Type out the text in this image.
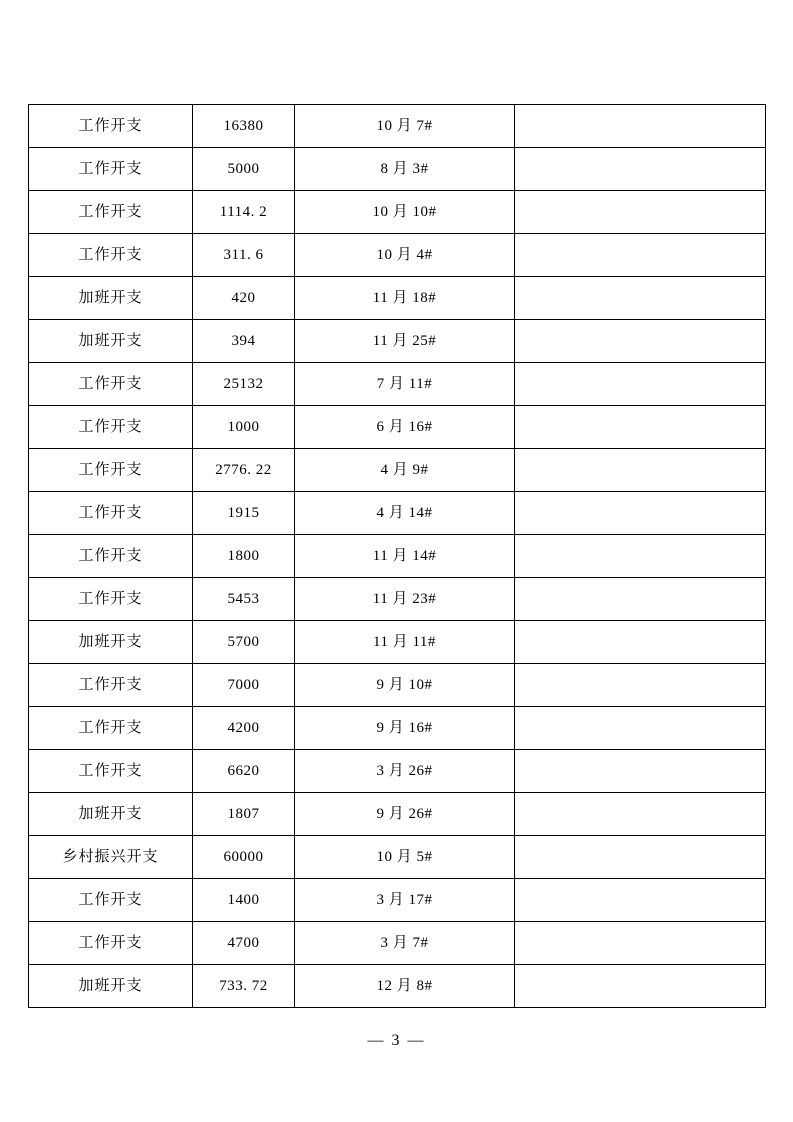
工作开支	16380	10 月 7#	
工作开支	5000	8 月 3#	
工作开支	1114. 2	10 月 10#	
工作开支	311. 6	10 月 4#	
加班开支	420	11 月 18#	
加班开支	394	11 月 25#	
工作开支	25132	7 月 11#	
工作开支	1000	6 月 16#	
工作开支	2776. 22	4 月 9#	
工作开支	1915	4 月 14#	
工作开支	1800	11 月 14#	
工作开支	5453	11 月 23#	
加班开支	5700	11 月 11#	
工作开支	7000	9 月 10#	
工作开支	4200	9 月 16#	
工作开支	6620	3 月 26#	
加班开支	1807	9 月 26#	
乡村振兴开支	60000	10 月 5#	
工作开支	1400	3 月 17#	
工作开支	4700	3 月 7#	
加班开支	733. 72	12 月 8#	
— 3 —
